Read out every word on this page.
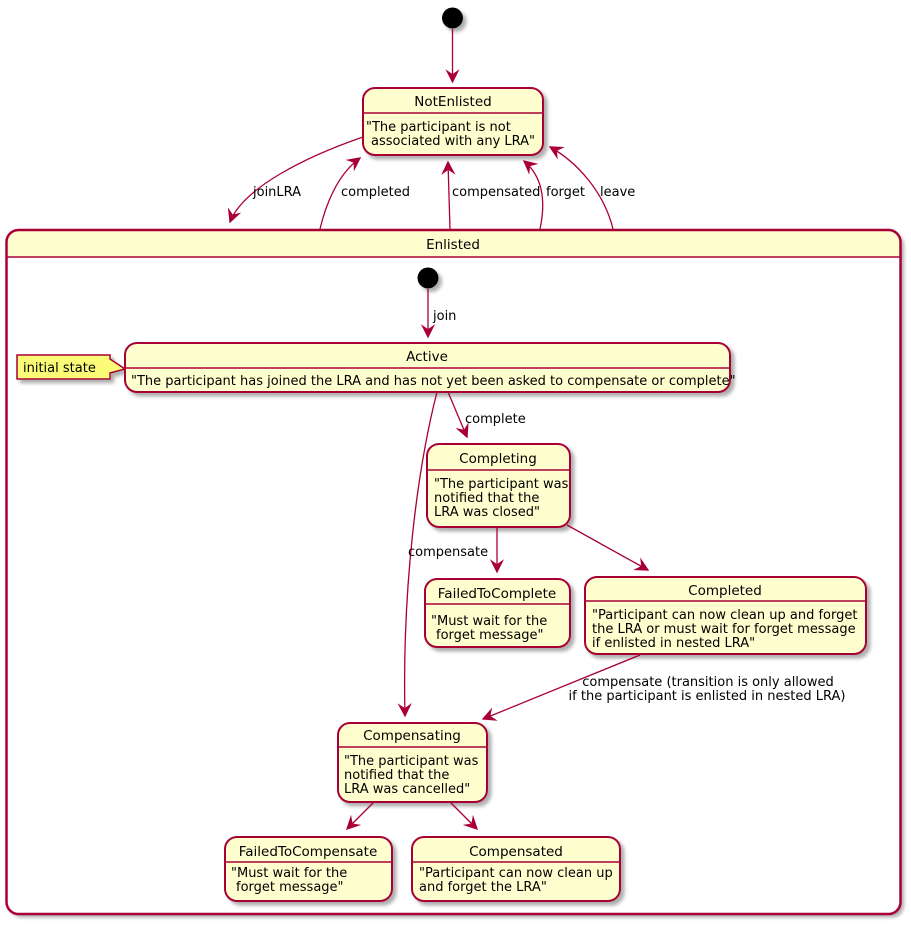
Enlisted
NotEnlisted
"The participant is not
associated with any LRA"
joinLRA	completed	compensated forget leave
join
initial state
Active
"The participant has joined the LRA and has not yet been asked to compensate or complete"
complete
Completing
"The participant was
notified that the
LRA was closed"
compensate
FailedToComplete
"Must wait for the
forget message"
Completed
"Participant can now clean up and forget
the LRA or must wait for forget message
if enlisted in nested LRA"
compensate (transition is only allowed
if the participant is enlisted in nested LRA)
Compensating
"The participant was
notified that the
LRA was cancelled"
FailedToCompensate
"Must wait for the
forget message"
Compensated
"Participant can now clean up
and forget the LRA"
